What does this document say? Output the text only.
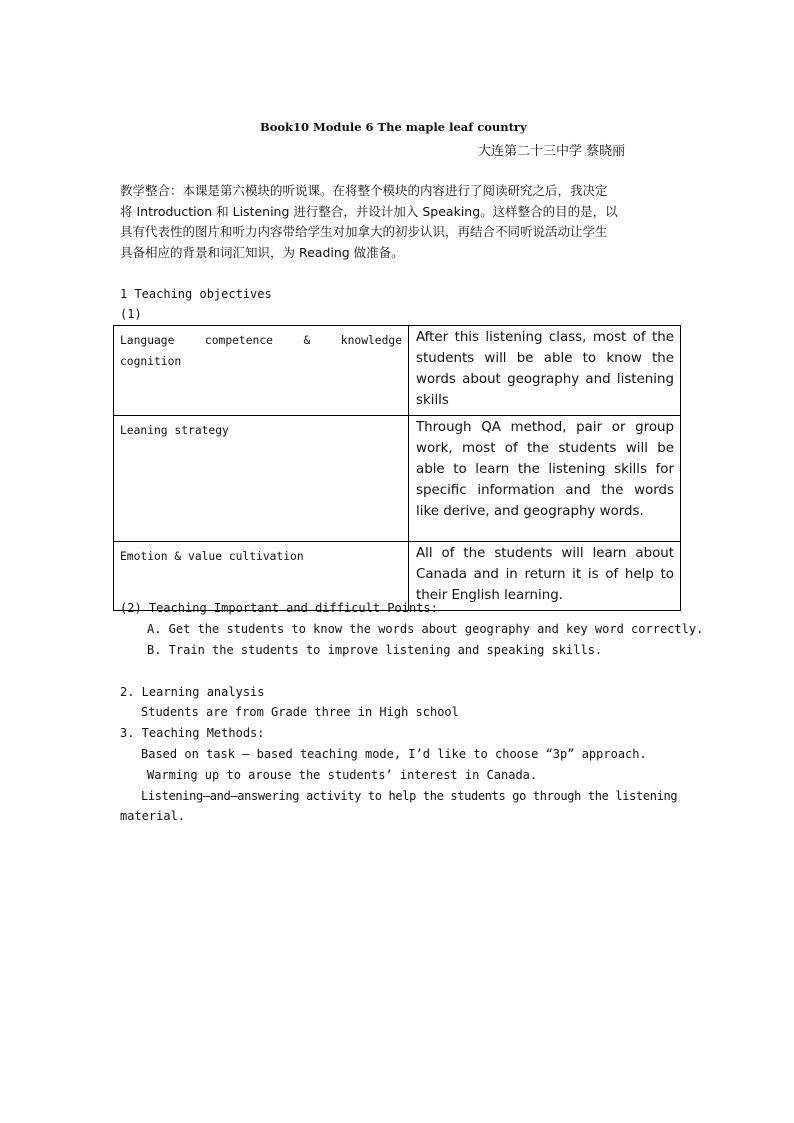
Book10 Module 6 The maple leaf country
大连第二十三中学 蔡晓丽
教学整合：本课是第六模块的听说课。在将整个模块的内容进行了阅读研究之后，我决定
将 Introduction 和 Listening 进行整合，并设计加入 Speaking。这样整合的目的是，以
具有代表性的图片和听力内容带给学生对加拿大的初步认识，再结合不同听说活动让学生
具备相应的背景和词汇知识，为 Reading 做准备。
1 Teaching objectives
(1)
Language competence & knowledge
cognition	After this listening class, most of the students will be able to know the words about geography and listening skills

Leaning strategy	Through QA method, pair or group work, most of the students will be able to learn the listening skills for specific information and the words like derive, and geography words.

Emotion & value cultivation	All of the students will learn about Canada and in return it is of help to their English learning.
(2) Teaching Important and difficult Points:
A. Get the students to know the words about geography and key word correctly.
B. Train the students to improve listening and speaking skills.
2. Learning analysis
Students are from Grade three in High school
3. Teaching Methods:
Based on task – based teaching mode, I’d like to choose “3p” approach.
Warming up to arouse the students’ interest in Canada.
Listening–and–answering activity to help the students go through the listening
material.
